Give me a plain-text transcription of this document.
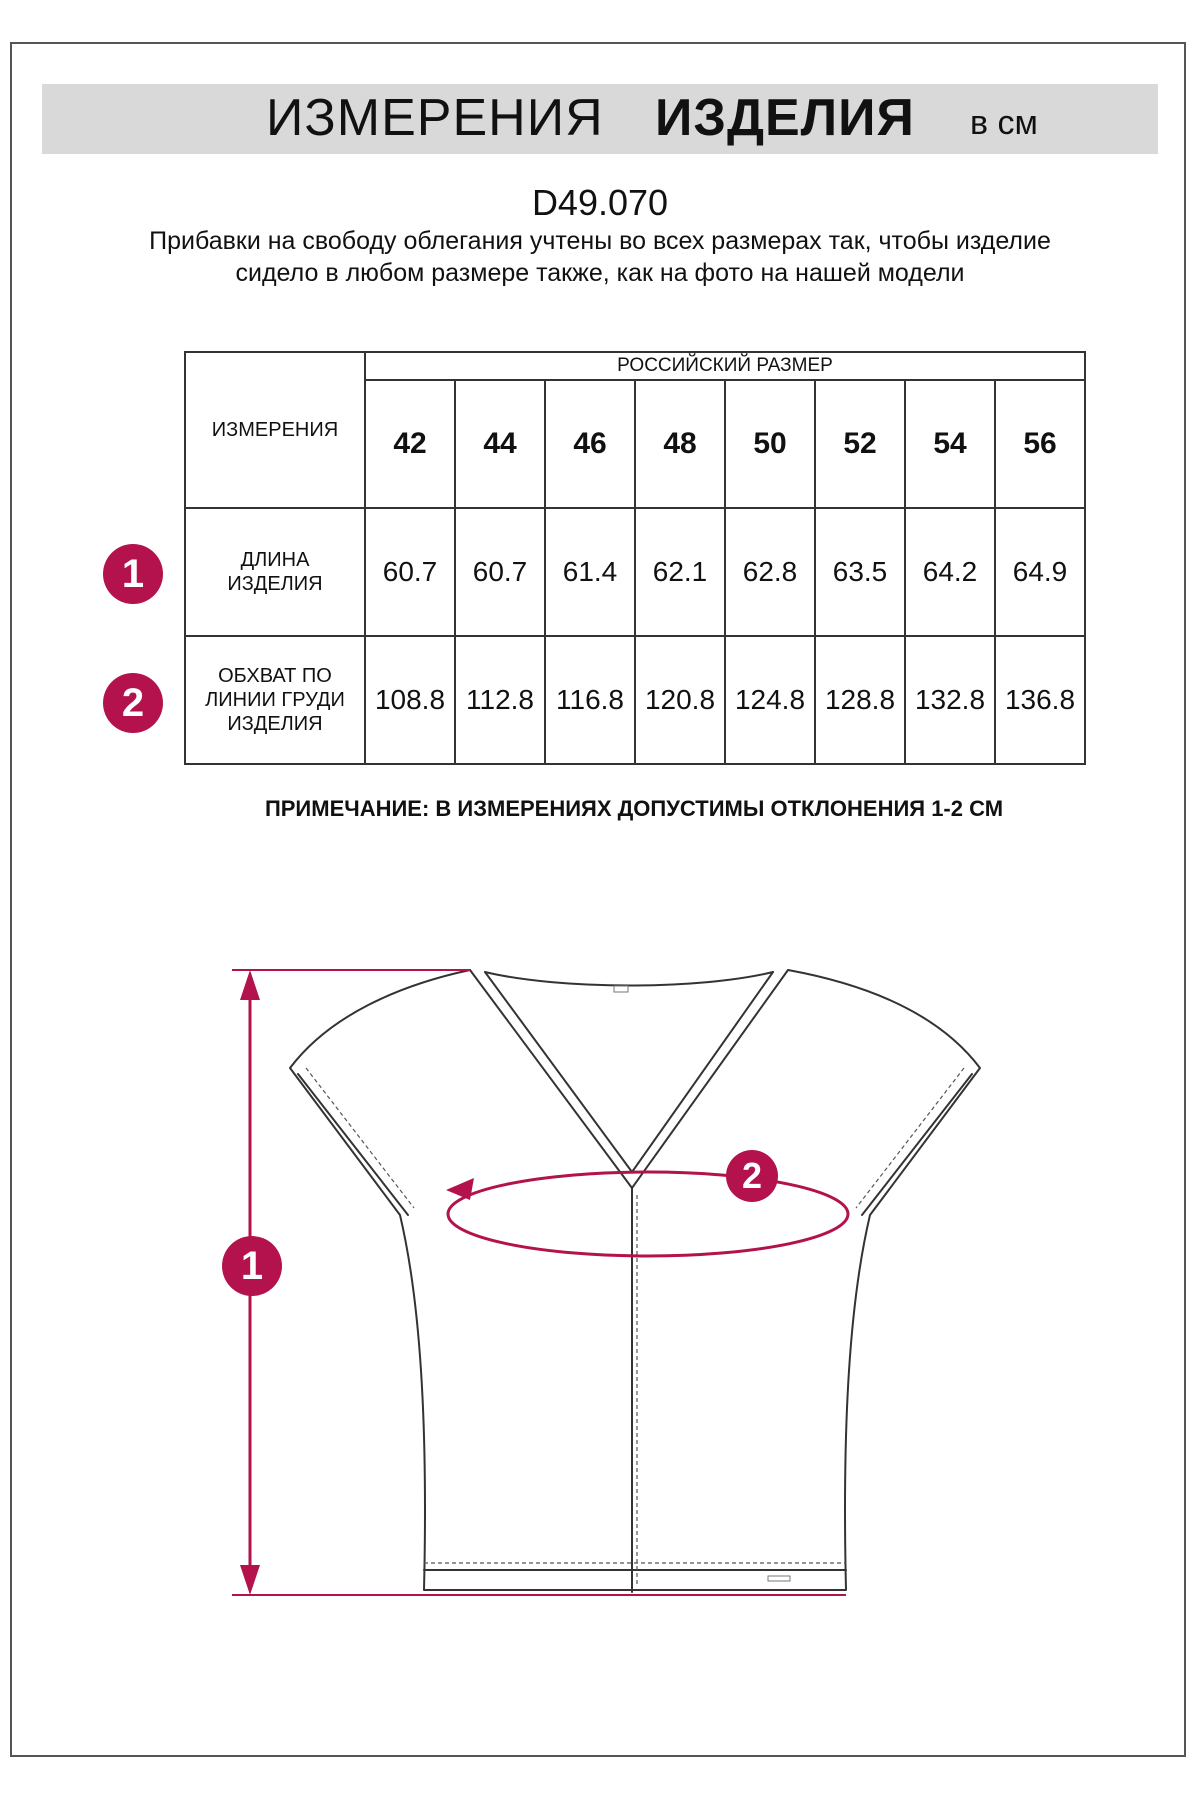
ИЗМЕРЕНИЯ ИЗДЕЛИЯ в см
D49.070
Прибавки на свободу облегания учтены во всех размерах так, чтобы изделие сидело в любом размере также, как на фото на нашей модели
ИЗМЕРЕНИЯ	РОССИЙСКИЙ РАЗМЕР							
	42	44	46	48	50	52	54	56

ДЛИНА
ИЗДЕЛИЯ	60.7	60.7	61.4	62.1	62.8	63.5	64.2	64.9

ОБХВАТ ПО
ЛИНИИ ГРУДИ
ИЗДЕЛИЯ	108.8	112.8	116.8	120.8	124.8	128.8	132.8	136.8
1
2
ПРИМЕЧАНИЕ: В ИЗМЕРЕНИЯХ ДОПУСТИМЫ ОТКЛОНЕНИЯ 1-2 СМ
1
2
